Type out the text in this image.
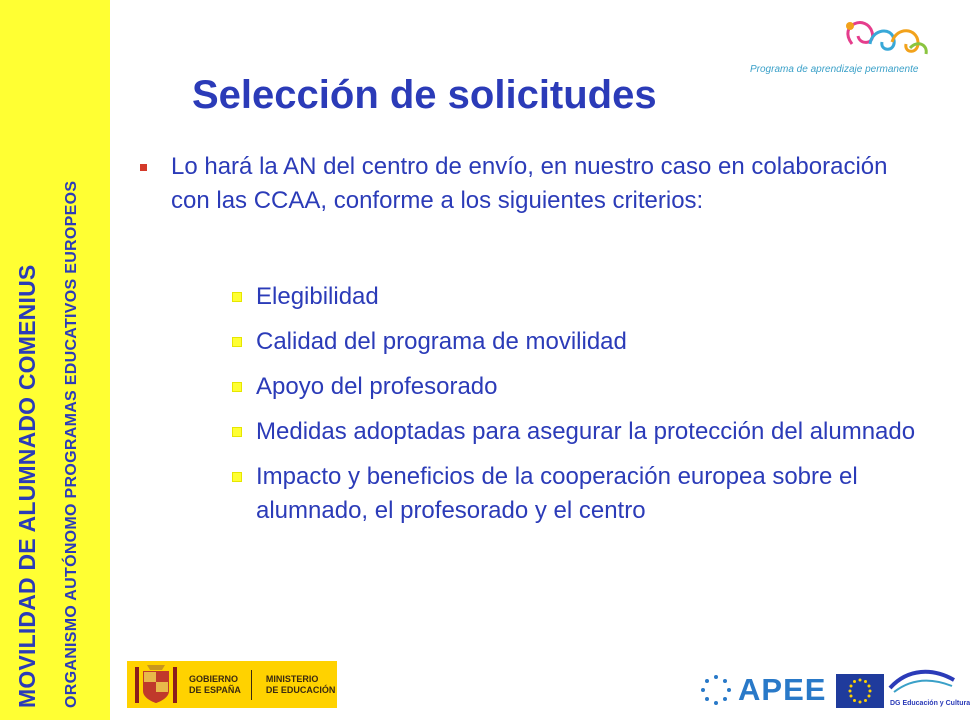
MOVILIDAD DE ALUMNADO COMENIUS ORGANISMO AUTÓNOMO PROGRAMAS EDUCATIVOS EUROPEOS
Programa de aprendizaje permanente
Selección de solicitudes
Lo hará la AN del centro de envío, en nuestro caso en colaboración con las CCAA, conforme a los siguientes criterios:
Elegibilidad
Calidad del programa de movilidad
Apoyo del profesorado
Medidas adoptadas para asegurar la protección del alumnado
Impacto y beneficios de la cooperación europea sobre el alumnado, el profesorado y el centro
GOBIERNO
DE ESPAÑA
MINISTERIO
DE EDUCACIÓN	APEE	DG Educación y Cultura
